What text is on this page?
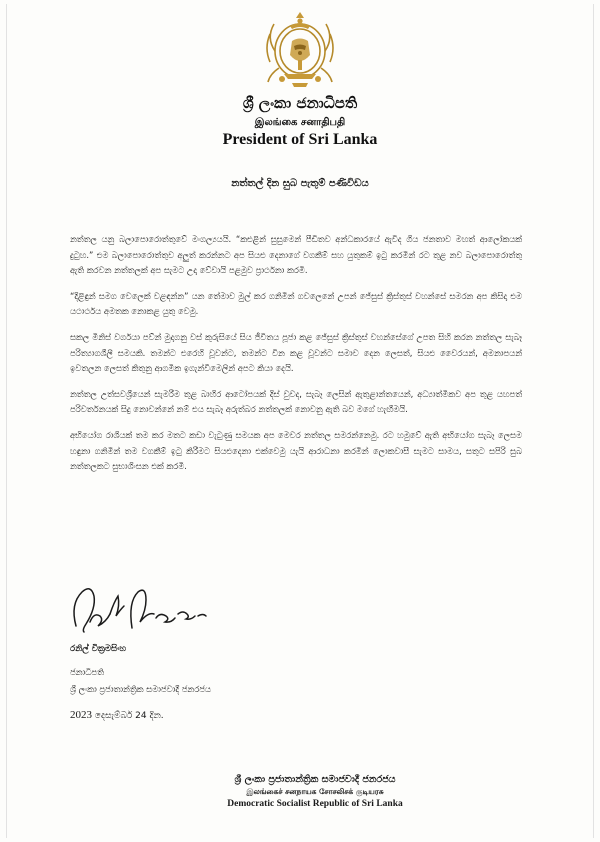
ශ්‍රී ලංකා ජනාධිපති
இலங்கை சனாதிபதி
President of Sri Lanka
නත්තල් දින සුබ පැතුම් පණිවිඩය

නත්තල යනු බලාපොරොත්තුවේ මංගල්‍යයයි. “කළුළින් සුසුමෙන් පීඩිතව අන්ධකාරයේ ඇවිද ගිය ජනතාව මහත් ආලෝකයක් දුටුහ.” එම බලාපොරොත්තුව අලුත් කරන්නට අප සියළු දෙනාගේ වගකීම් සහ යුතුකම් ඉටු කරමින් රට තුළ නව බලාපොරොත්තු ඇති කරවන නත්තලක් අප සැමට උදා වේවායි පළමුව ප්‍රාර්ථනා කරමි.

“දිළිඳුන් සමග වෙලෙක් වළඳන්න” යන තේමාව මුල් කර ගනිමින් ගවලෙනේ උපන් ජේසුස් ක්‍රිස්තුස් වහන්සේ සමරන අප කිසිදා එම යථාර්ථය අමතක නොකළ යුතු වෙමු.

සකල මිනිස් වර්ගයා පව්න් මුදාගනු වස් කුරුසියේ සිය ජීවිතය පූජා කළ ජේසුස් ක්‍රිස්තුස් වහන්සේගේ උපත සිහි කරන නත්තල සැබෑ පරිත්‍යාගශීලී සමයකි. තමන්ට එරෙහි වූවන්ට, තමන්ට වින කළ වූවන්ට සමාව දෙන ලෙසත්, සියළු වෛරයන්, අමනාපයන් ඉවතලන ලෙසත් කිතුනු ආගමික ඉගැන්වීමෙලින් අපට කියා දෙයි.

නත්තල උත්සවශ්‍රීයෙන් සැමරීම තුළ බාහිර ආටෝපයක් දිස් වුවද, සැබෑ ලෙසින් ඇතුළාන්තයෙන්, අධ්‍යාත්මිකව අප තුළ යහපත් පරිවර්තනයක් සිදු නොවන්නේ නම් එය සැබෑ අරුත්බර නත්තලක් නොවනු ඇති බව මගේ හැඟීමයි.

අභියෝග රාශියක් තම කර මතට කඩා වැටුණු සමයක අප මෙවර නත්තල සමරන්නෙමු. රට හමුවේ ඇති අභියෝග සැබෑ ලෙසම හඳුනා ගනිමින් තම වගකීම් ඉටු කිරීමට සියළුදෙනා එක්වෙමු යැයි ආරාධනා කරමින් ලොකවාසී සැමට සාමය, සතුට සපිරි සුබ නත්තලකට සුභාශිංසන එක් කරමි.

රනිල් වික්‍රමසිංහ
ජනාධිපති
ශ්‍රී ලංකා ප්‍රජාතාන්ත්‍රික සමාජවාදී ජනරජය
2023 දෙසැම්බර් 24 දින.
ශ්‍රී ලංකා ප්‍රජාතාන්ත්‍රික සමාජවාදී ජනරජය
இலங்கைச் சனநாயக சோசலிசக் குடியரசு
Democratic Socialist Republic of Sri Lanka
